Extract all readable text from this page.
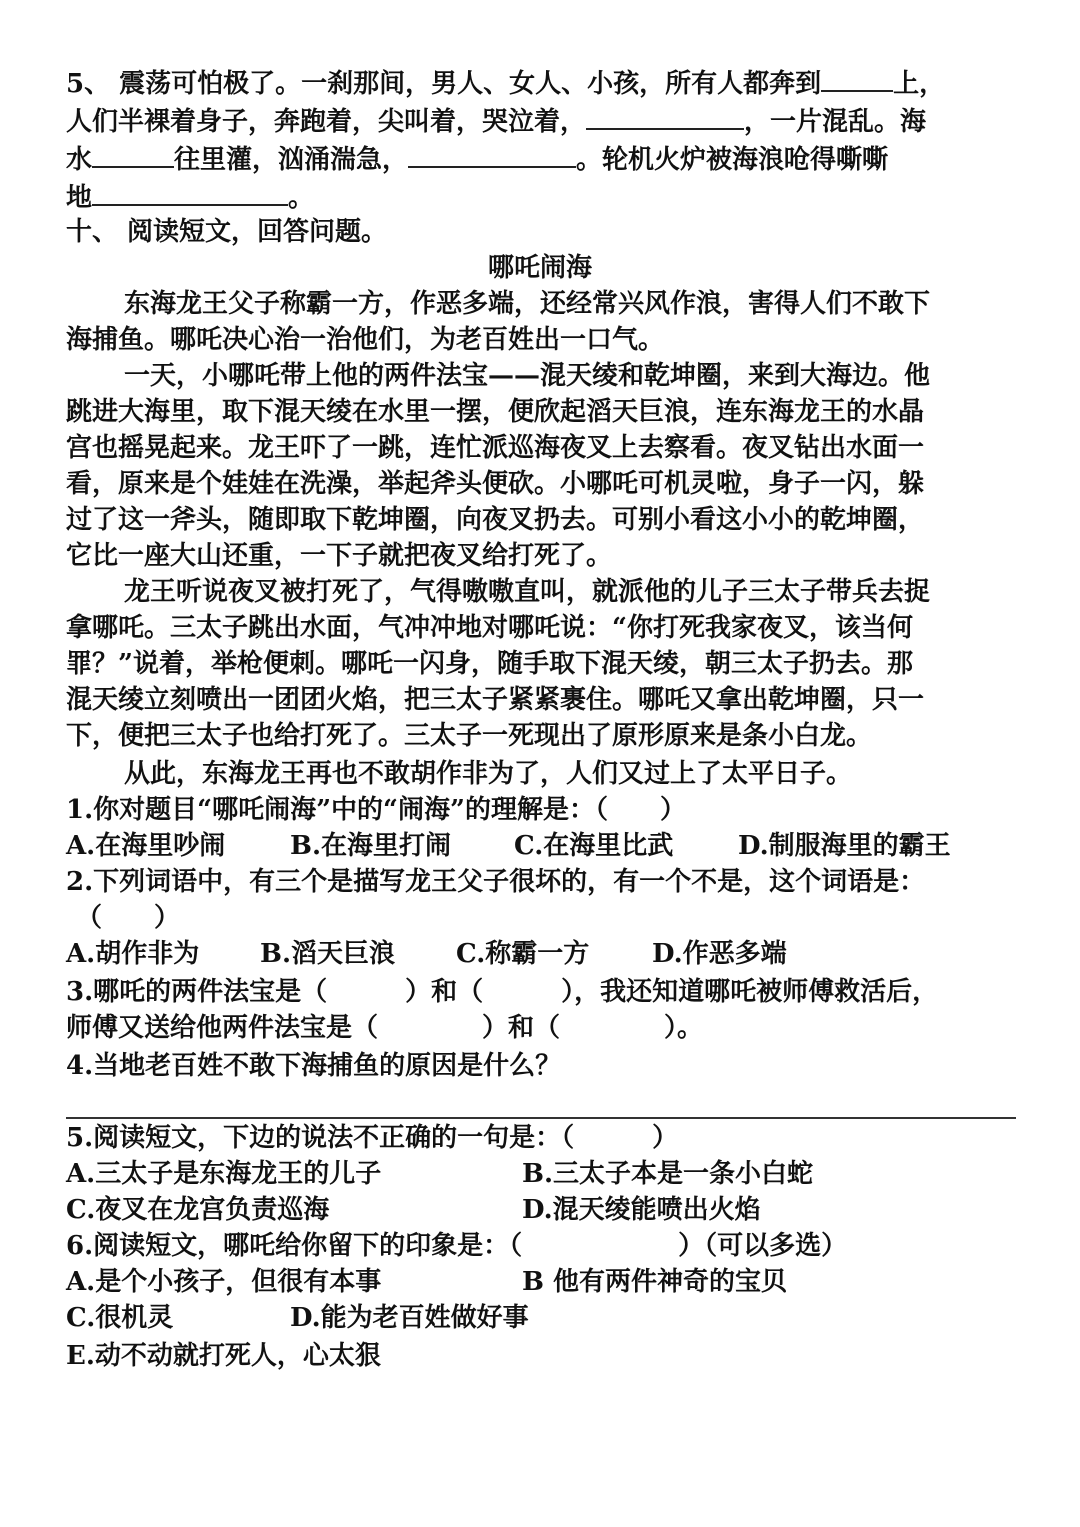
5、 震荡可怕极了。一刹那间，男人、女人、小孩，所有人都奔到	上，
人们半裸着身子，奔跑着，尖叫着，哭泣着，	，一片混乱。海
水	往里灌，汹涌湍急，	。轮机火炉被海浪呛得嘶嘶
地	。
十、 阅读短文，回答问题。
哪吒闹海
东海龙王父子称霸一方，作恶多端，还经常兴风作浪，害得人们不敢下
海捕鱼。哪吒决心治一治他们，为老百姓出一口气。
一天，小哪吒带上他的两件法宝——混天绫和乾坤圈，来到大海边。他
跳进大海里，取下混天绫在水里一摆，便欣起滔天巨浪，连东海龙王的水晶
宫也摇晃起来。龙王吓了一跳，连忙派巡海夜叉上去察看。夜叉钻出水面一
看，原来是个娃娃在洗澡，举起斧头便砍。小哪吒可机灵啦，身子一闪，躲
过了这一斧头，随即取下乾坤圈，向夜叉扔去。可别小看这小小的乾坤圈，
它比一座大山还重，一下子就把夜叉给打死了。
龙王听说夜叉被打死了，气得嗷嗷直叫，就派他的儿子三太子带兵去捉
拿哪吒。三太子跳出水面，气冲冲地对哪吒说：“你打死我家夜叉，该当何
罪？”说着，举枪便刺。哪吒一闪身，随手取下混天绫，朝三太子扔去。那
混天绫立刻喷出一团团火焰，把三太子紧紧裹住。哪吒又拿出乾坤圈，只一
下，便把三太子也给打死了。三太子一死现出了原形原来是条小白龙。
从此，东海龙王再也不敢胡作非为了，人们又过上了太平日子。
1.你对题目“哪吒闹海”中的“闹海”的理解是：（　　）
A.在海里吵闹 B.在海里打闹 C.在海里比武 D.制服海里的霸王
2.下列词语中，有三个是描写龙王父子很坏的，有一个不是，这个词语是：
（　　）
A.胡作非为 B.滔天巨浪 C.称霸一方 D.作恶多端
3.哪吒的两件法宝是（　　　）和（　　　），我还知道哪吒被师傅救活后，
师傅又送给他两件法宝是（　　　　）和（　　　　）。
4.当地老百姓不敢下海捕鱼的原因是什么？
5.阅读短文，下边的说法不正确的一句是：（　　　）
A.三太子是东海龙王的儿子	B.三太子本是一条小白蛇
C.夜叉在龙宫负责巡海	D.混天绫能喷出火焰
6.阅读短文，哪吒给你留下的印象是：（　　　　　　）（可以多选）
A.是个小孩子，但很有本事	B 他有两件神奇的宝贝
C.很机灵	D.能为老百姓做好事
E.动不动就打死人，心太狠
